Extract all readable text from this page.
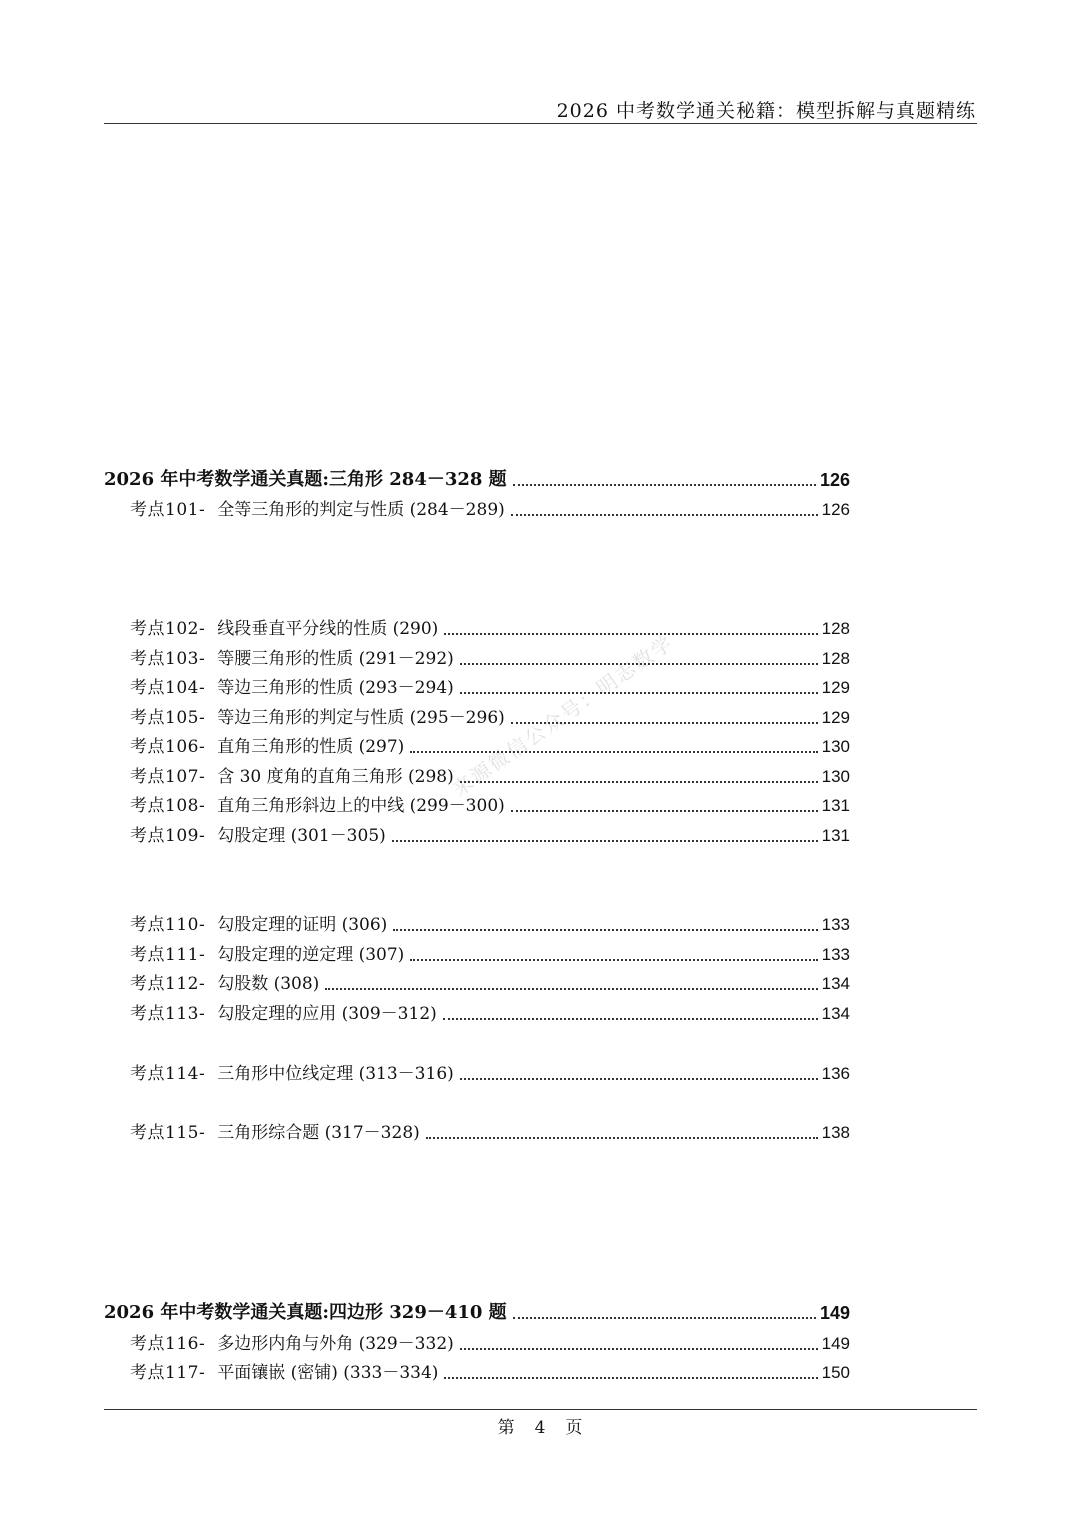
2026 中考数学通关秘籍：模型拆解与真题精练
来源微信公众号：明志数学
2026 年中考数学通关真题:三角形 284－328 题	126
考点101- 全等三角形的判定与性质 (284－289)	126
考点102- 线段垂直平分线的性质 (290)	128
考点103- 等腰三角形的性质 (291－292)	128
考点104- 等边三角形的性质 (293－294)	129
考点105- 等边三角形的判定与性质 (295－296)	129
考点106- 直角三角形的性质 (297)	130
考点107- 含 30 度角的直角三角形 (298)	130
考点108- 直角三角形斜边上的中线 (299－300)	131
考点109- 勾股定理 (301－305)	131
考点110- 勾股定理的证明 (306)	133
考点111- 勾股定理的逆定理 (307)	133
考点112- 勾股数 (308)	134
考点113- 勾股定理的应用 (309－312)	134
考点114- 三角形中位线定理 (313－316)	136
考点115- 三角形综合题 (317－328)	138
2026 年中考数学通关真题:四边形 329－410 题	149
考点116- 多边形内角与外角 (329－332)	149
考点117- 平面镶嵌 (密铺) (333－334)	150
第 4 页
